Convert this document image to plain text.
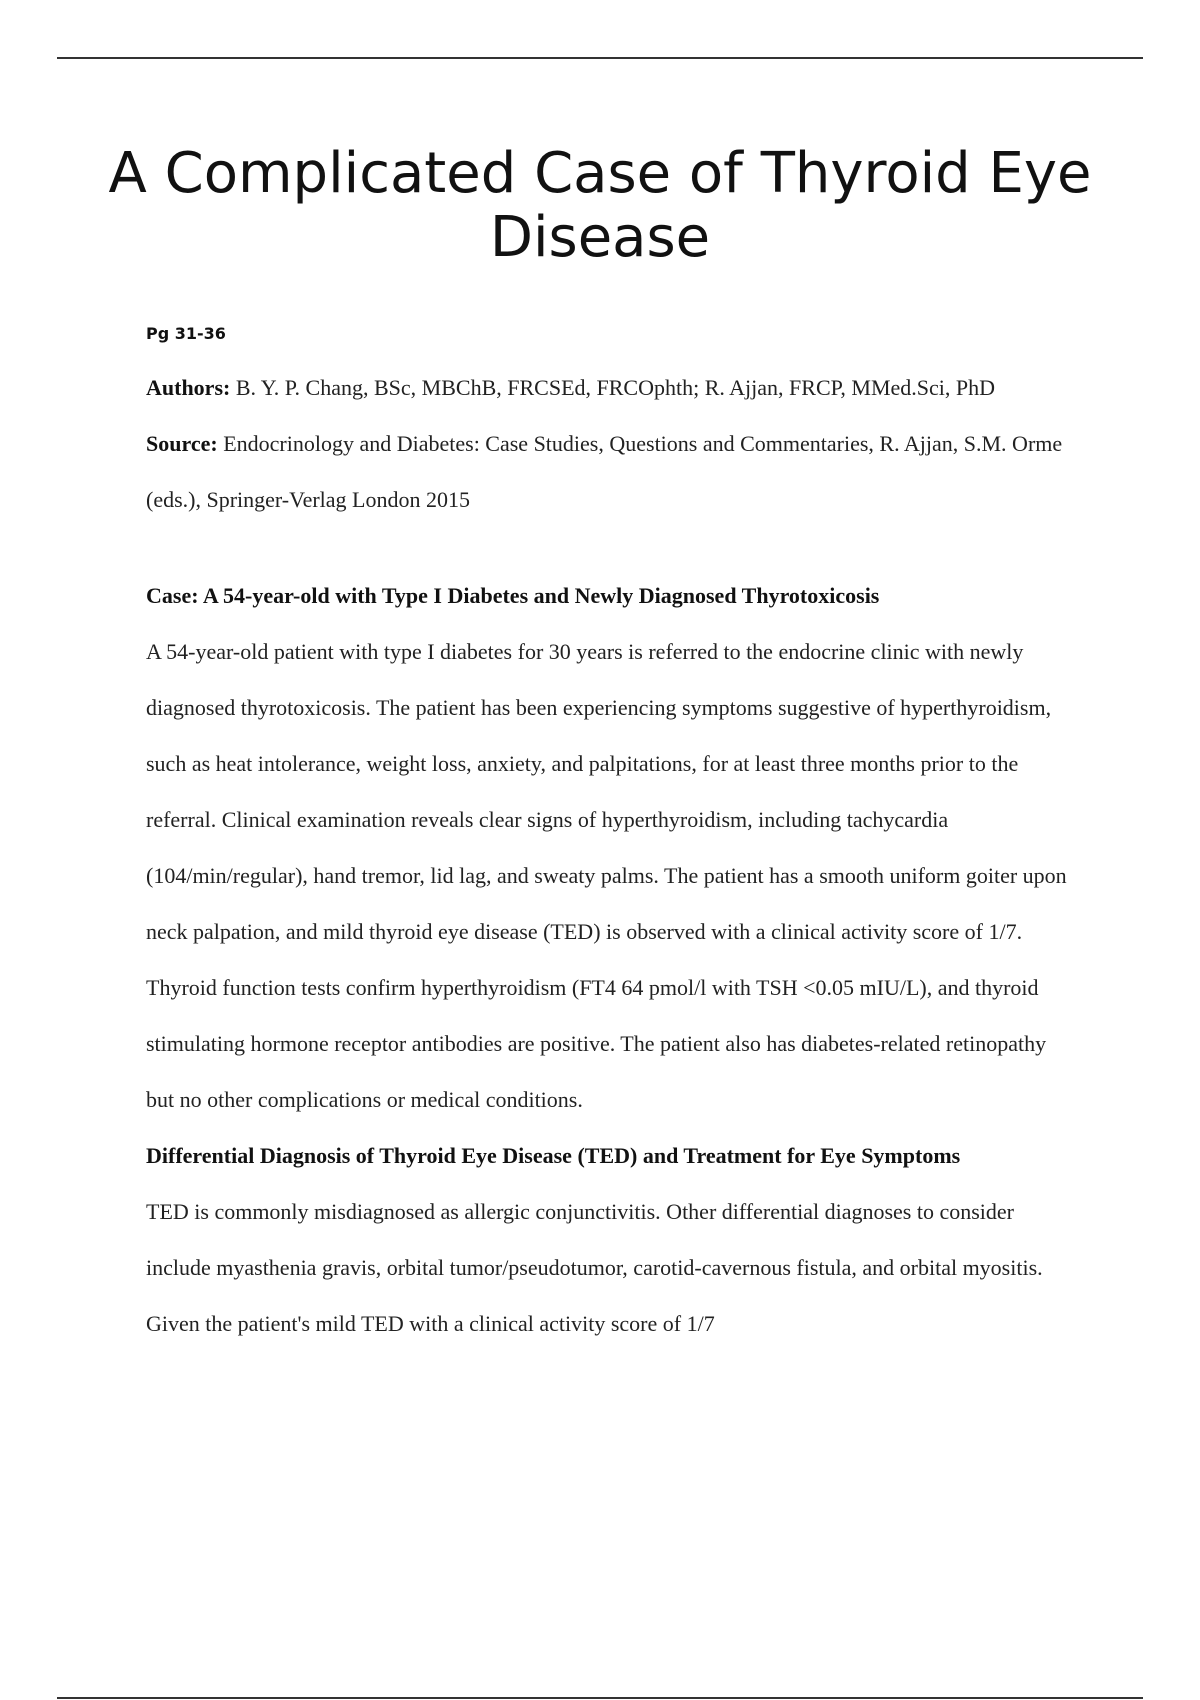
A Complicated Case of Thyroid Eye Disease

Pg 31-36

Authors: B. Y. P. Chang, BSc, MBChB, FRCSEd, FRCOphth; R. Ajjan, FRCP, MMed.Sci, PhD

Source: Endocrinology and Diabetes: Case Studies, Questions and Commentaries, R. Ajjan, S.M. Orme (eds.), Springer-Verlag London 2015

Case: A 54-year-old with Type I Diabetes and Newly Diagnosed Thyrotoxicosis

A 54-year-old patient with type I diabetes for 30 years is referred to the endocrine clinic with newly diagnosed thyrotoxicosis. The patient has been experiencing symptoms suggestive of hyperthyroidism, such as heat intolerance, weight loss, anxiety, and palpitations, for at least three months prior to the referral. Clinical examination reveals clear signs of hyperthyroidism, including tachycardia (104/min/regular), hand tremor, lid lag, and sweaty palms. The patient has a smooth uniform goiter upon neck palpation, and mild thyroid eye disease (TED) is observed with a clinical activity score of 1/7. Thyroid function tests confirm hyperthyroidism (FT4 64 pmol/l with TSH <0.05 mIU/L), and thyroid stimulating hormone receptor antibodies are positive. The patient also has diabetes-related retinopathy but no other complications or medical conditions.

Differential Diagnosis of Thyroid Eye Disease (TED) and Treatment for Eye Symptoms

TED is commonly misdiagnosed as allergic conjunctivitis. Other differential diagnoses to consider include myasthenia gravis, orbital tumor/pseudotumor, carotid-cavernous fistula, and orbital myositis. Given the patient's mild TED with a clinical activity score of 1/7
